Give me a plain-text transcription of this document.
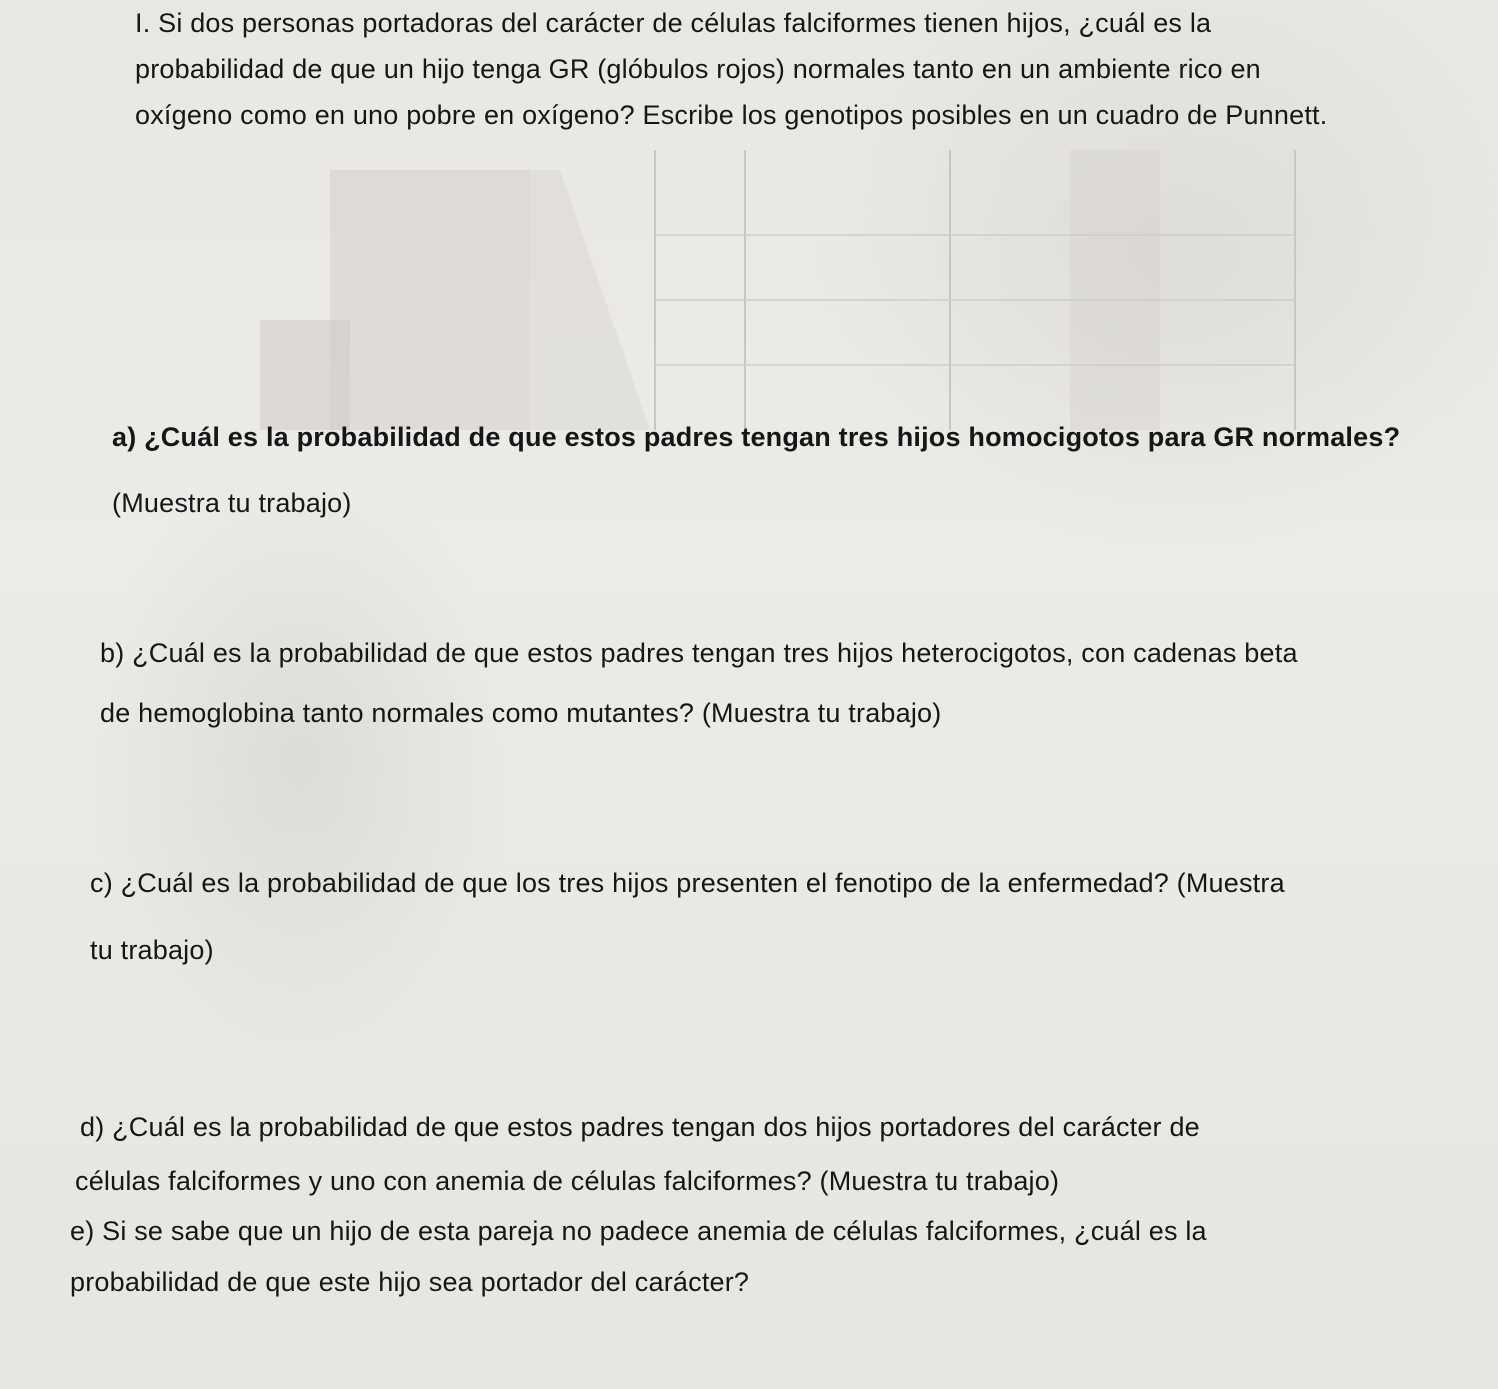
I. Si dos personas portadoras del carácter de células falciformes tienen hijos, ¿cuál es la

probabilidad de que un hijo tenga GR (glóbulos rojos) normales tanto en un ambiente rico en

oxígeno como en uno pobre en oxígeno? Escribe los genotipos posibles en un cuadro de Punnett.

a) ¿Cuál es la probabilidad de que estos padres tengan tres hijos homocigotos para GR normales?

(Muestra tu trabajo)

b) ¿Cuál es la probabilidad de que estos padres tengan tres hijos heterocigotos, con cadenas beta

de hemoglobina tanto normales como mutantes? (Muestra tu trabajo)

c) ¿Cuál es la probabilidad de que los tres hijos presenten el fenotipo de la enfermedad? (Muestra

tu trabajo)

d) ¿Cuál es la probabilidad de que estos padres tengan dos hijos portadores del carácter de

células falciformes y uno con anemia de células falciformes? (Muestra tu trabajo)

e) Si se sabe que un hijo de esta pareja no padece anemia de células falciformes, ¿cuál es la

probabilidad de que este hijo sea portador del carácter?
